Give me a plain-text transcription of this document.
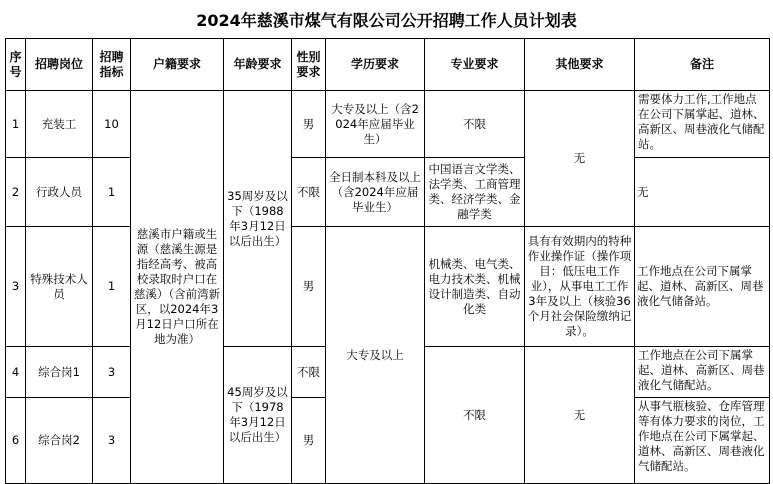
2024年慈溪市煤气有限公司公开招聘工作人员计划表
序号	招聘岗位	招聘指标	户籍要求	年龄要求	性别要求	学历要求	专业要求	其他要求	备注
1	充装工	10	慈溪市户籍或生源（慈溪生源是指经高考、被高校录取时户口在慈溪）（含前湾新区，以2024年3月12日户口所在地为准）	35周岁及以下（1988年3月12日以后出生）	男	大专及以上（含2024年应届毕业生）	不限	无	需要体力工作,工作地点在公司下属掌起、道林、高新区、周巷液化气储配站。
2	行政人员	1			不限	全日制本科及以上（含2024年应届毕业生）	中国语言文学类、法学类、工商管理类、经济学类、金融学类		无
3	特殊技术人员	1			男	大专及以上	机械类、电气类、电力技术类、机械设计制造类、自动化类	具有有效期内的特种作业操作证（操作项目：低压电工作业），从事电工工作3年及以上（核验36个月社会保险缴纳记录）。	工作地点在公司下属掌起、道林、高新区、周巷液化气储备站。
4	综合岗1	3		45周岁及以下（1978年3月12日以后出生）	不限		不限	无	工作地点在公司下属掌起、道林、高新区、周巷液化气储配站。
6	综合岗2	3			男				从事气瓶核验、仓库管理等有体力要求的岗位，工作地点在公司下属掌起、道林、高新区、周巷液化气储配站。
